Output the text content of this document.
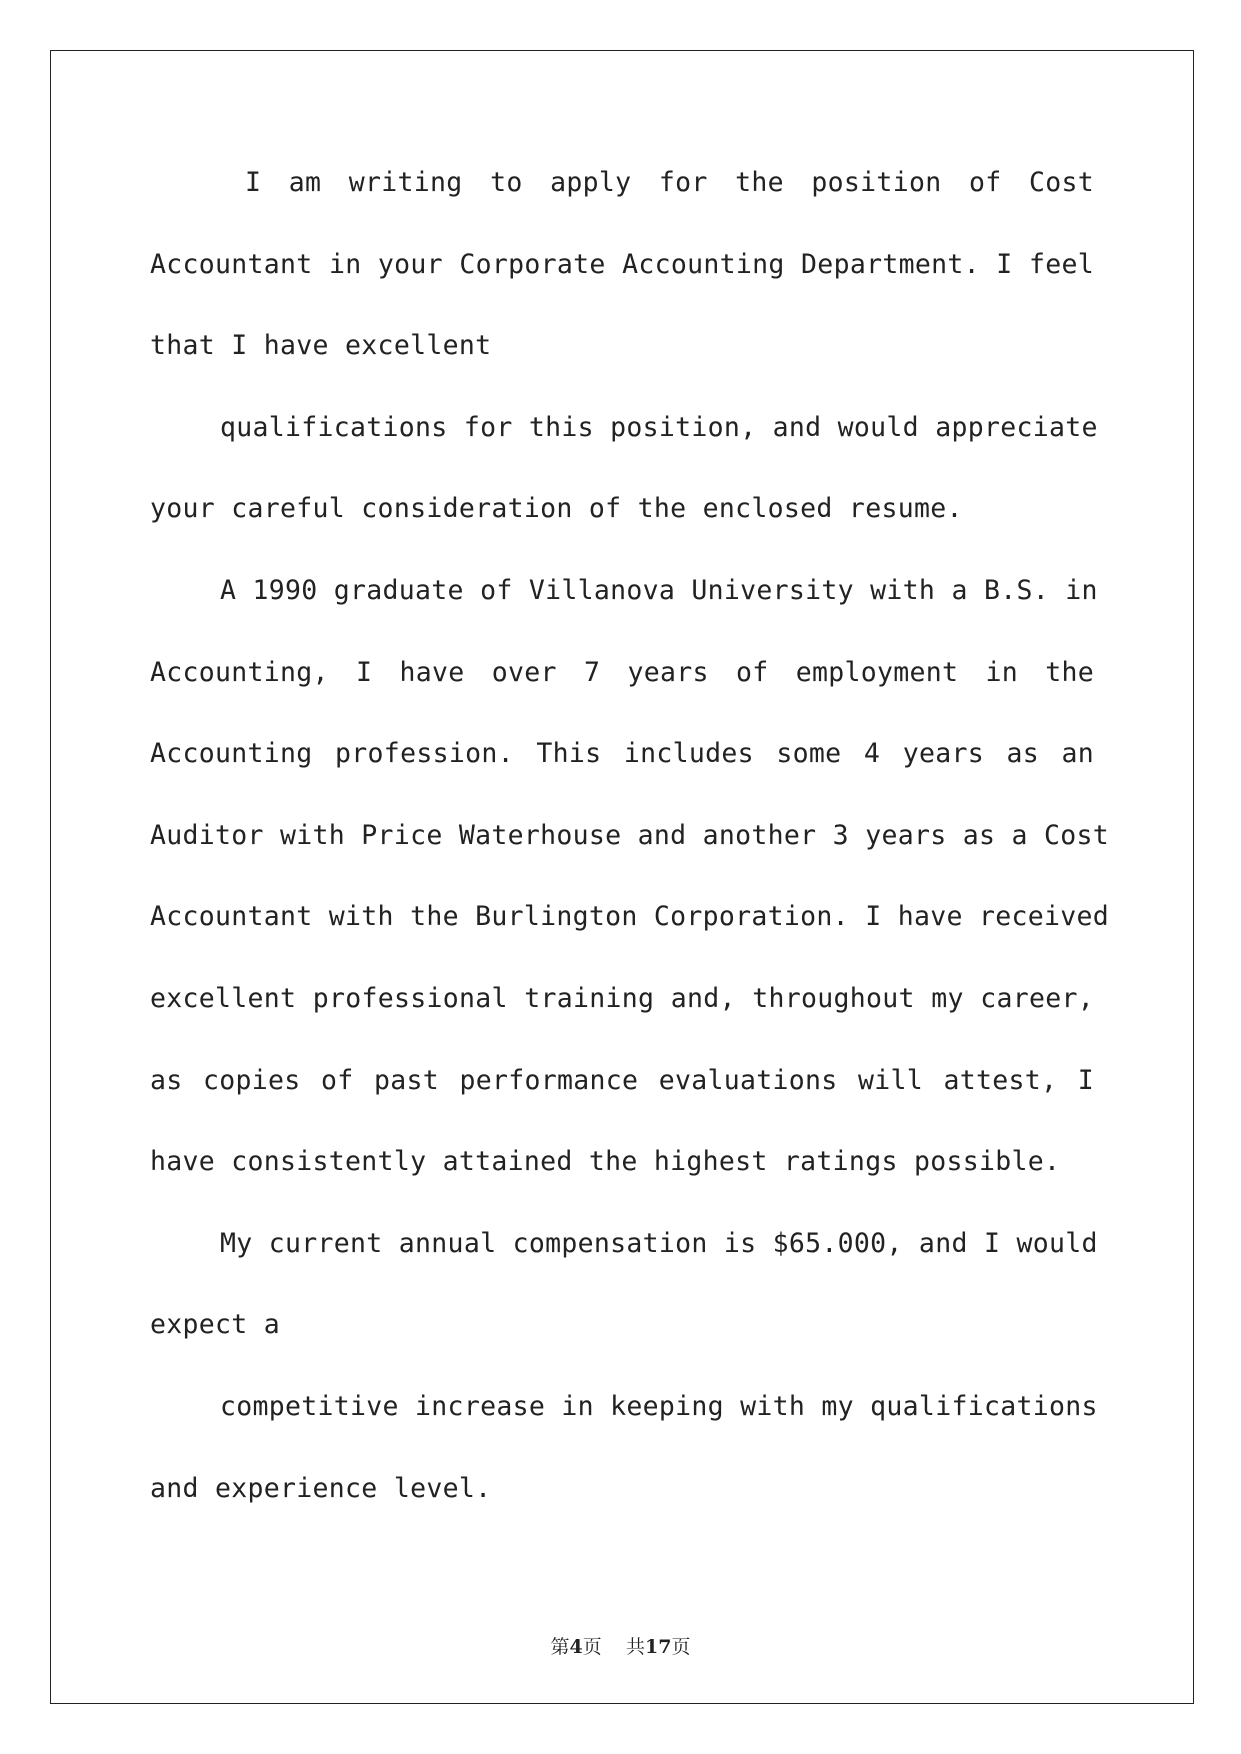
I am writing to apply for the position of Cost
Accountant in your Corporate Accounting Department. I feel
that I have excellent
qualifications for this position, and would appreciate
your careful consideration of the enclosed resume.
A 1990 graduate of Villanova University with a B.S. in
Accounting, I have over 7 years of employment in the
Accounting profession. This includes some 4 years as an
Auditor with Price Waterhouse and another 3 years as a Cost
Accountant with the Burlington Corporation. I have received
excellent professional training and, throughout my career,
as copies of past performance evaluations will attest, I
have consistently attained the highest ratings possible.
My current annual compensation is $65.000, and I would
expect a
competitive increase in keeping with my qualifications
and experience level.
第4页 共17页
